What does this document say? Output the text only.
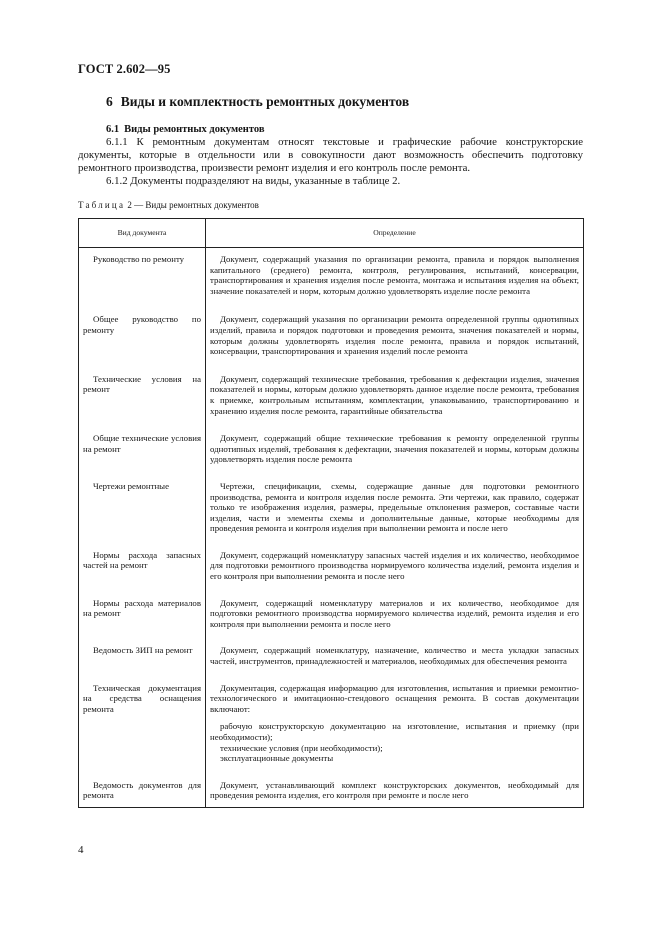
ГОСТ 2.602—95
6 Виды и комплектность ремонтных документов
6.1 Виды ремонтных документов
6.1.1 К ремонтным документам относят текстовые и графические рабочие конструкторские документы, которые в отдельности или в совокупности дают возможность обеспечить подготовку ремонтного производства, произвести ремонт изделия и его контроль после ремонта.
6.1.2 Документы подразделяют на виды, указанные в таблице 2.
Таблица 2 — Виды ремонтных документов
Вид документа	Определение

Руководство по ремонту	Документ, содержащий указания по организации ремонта, правила и порядок выполнения капитального (среднего) ремонта, контроля, регулирования, испытаний, консервации, транспортирования и хранения изделия после ремонта, монтажа и испытания изделия на объект, значение показателей и норм, которым должно удовлетворять изделие после ремонта

Общее руководство по ремонту	Документ, содержащий указания по организации ремонта определенной группы однотипных изделий, правила и порядок подготовки и проведения ремонта, значения показателей и нормы, которым должны удовлетворять изделия после ремонта, правила и порядок испытаний, консервации, транспортирования и хранения изделий после ремонта

Технические условия на ремонт	Документ, содержащий технические требования, требования к дефектации изделия, значения показателей и нормы, которым должно удовлетворять данное изделие после ремонта, требования к приемке, контрольным испытаниям, комплектации, упаковыванию, транспортированию и хранению изделия после ремонта, гарантийные обязательства

Общие технические условия на ремонт	Документ, содержащий общие технические требования к ремонту определенной группы однотипных изделий, требования к дефектации, значения показателей и нормы, которым должны удовлетворять изделия после ремонта

Чертежи ремонтные	Чертежи, спецификации, схемы, содержащие данные для подготовки ремонтного производства, ремонта и контроля изделия после ремонта. Эти чертежи, как правило, содержат только те изображения изделия, размеры, предельные отклонения размеров, составные части изделия, части и элементы схемы и дополнительные данные, которые необходимы для проведения ремонта и контроля изделия при выполнении ремонта и после него

Нормы расхода запасных частей на ремонт	Документ, содержащий номенклатуру запасных частей изделия и их количество, необходимое для подготовки ремонтного производства нормируемого количества изделий, ремонта изделия и его контроля при выполнении ремонта и после него

Нормы расхода материалов на ремонт	Документ, содержащий номенклатуру материалов и их количество, необходимое для подготовки ремонтного производства нормируемого количества изделий, ремонта изделия и его контроля при выполнении ремонта и после него

Ведомость ЗИП на ремонт	Документ, содержащий номенклатуру, назначение, количество и места укладки запасных частей, инструментов, принадлежностей и материалов, необходимых для обеспечения ремонта

Техническая документация на средства оснащения ремонта	Документация, содержащая информацию для изготовления, испытания и приемки ремонтно-технологического и имитационно-стендового оснащения ремонта. В состав документации включают:
рабочую конструкторскую документацию на изготовление, испытания и приемку (при необходимости);
технические условия (при необходимости);
эксплуатационные документы

Ведомость документов для ремонта	Документ, устанавливающий комплект конструкторских документов, необходимый для проведения ремонта изделия, его контроля при ремонте и после него
4
